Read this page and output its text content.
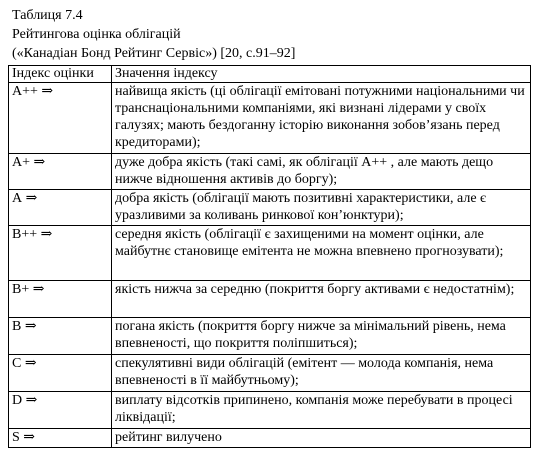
Таблиця 7.4
Рейтингова оцінка облігацій
(«Канадіан Бонд Рейтинг Сервіс») [20, с.91–92]
Індекс оцінки	Значення індексу
А++ ⇒	найвища якість (ці облігації емітовані потужними національними чи транснаціональними компаніями, які визнані лідерами у своїх галузях; мають бездоганну історію виконання зобов’язань перед кредиторами);
А+ ⇒	дуже добра якість (такі самі, як облігації А++ , але мають дещо нижче відношення активів до боргу);
А ⇒	добра якість (облігації мають позитивні характеристики, але є уразливими за коливань ринкової кон’юнктури);
В++ ⇒	середня якість (облігації є захищеними на момент оцінки, але майбутнє становище емітента не можна впевнено прогнозувати);
В+ ⇒	якість нижча за середню (покриття боргу активами є недостатнім);
В ⇒	погана якість (покриття боргу нижче за мінімальний рівень, нема впевненості, що покриття поліпшиться);
С ⇒	спекулятивні види облігацій (емітент — молода компанія, нема впевненості в її майбутньому);
D ⇒	виплату відсотків припинено, компанія може перебувати в процесі ліквідації;
S ⇒	рейтинг вилучено
